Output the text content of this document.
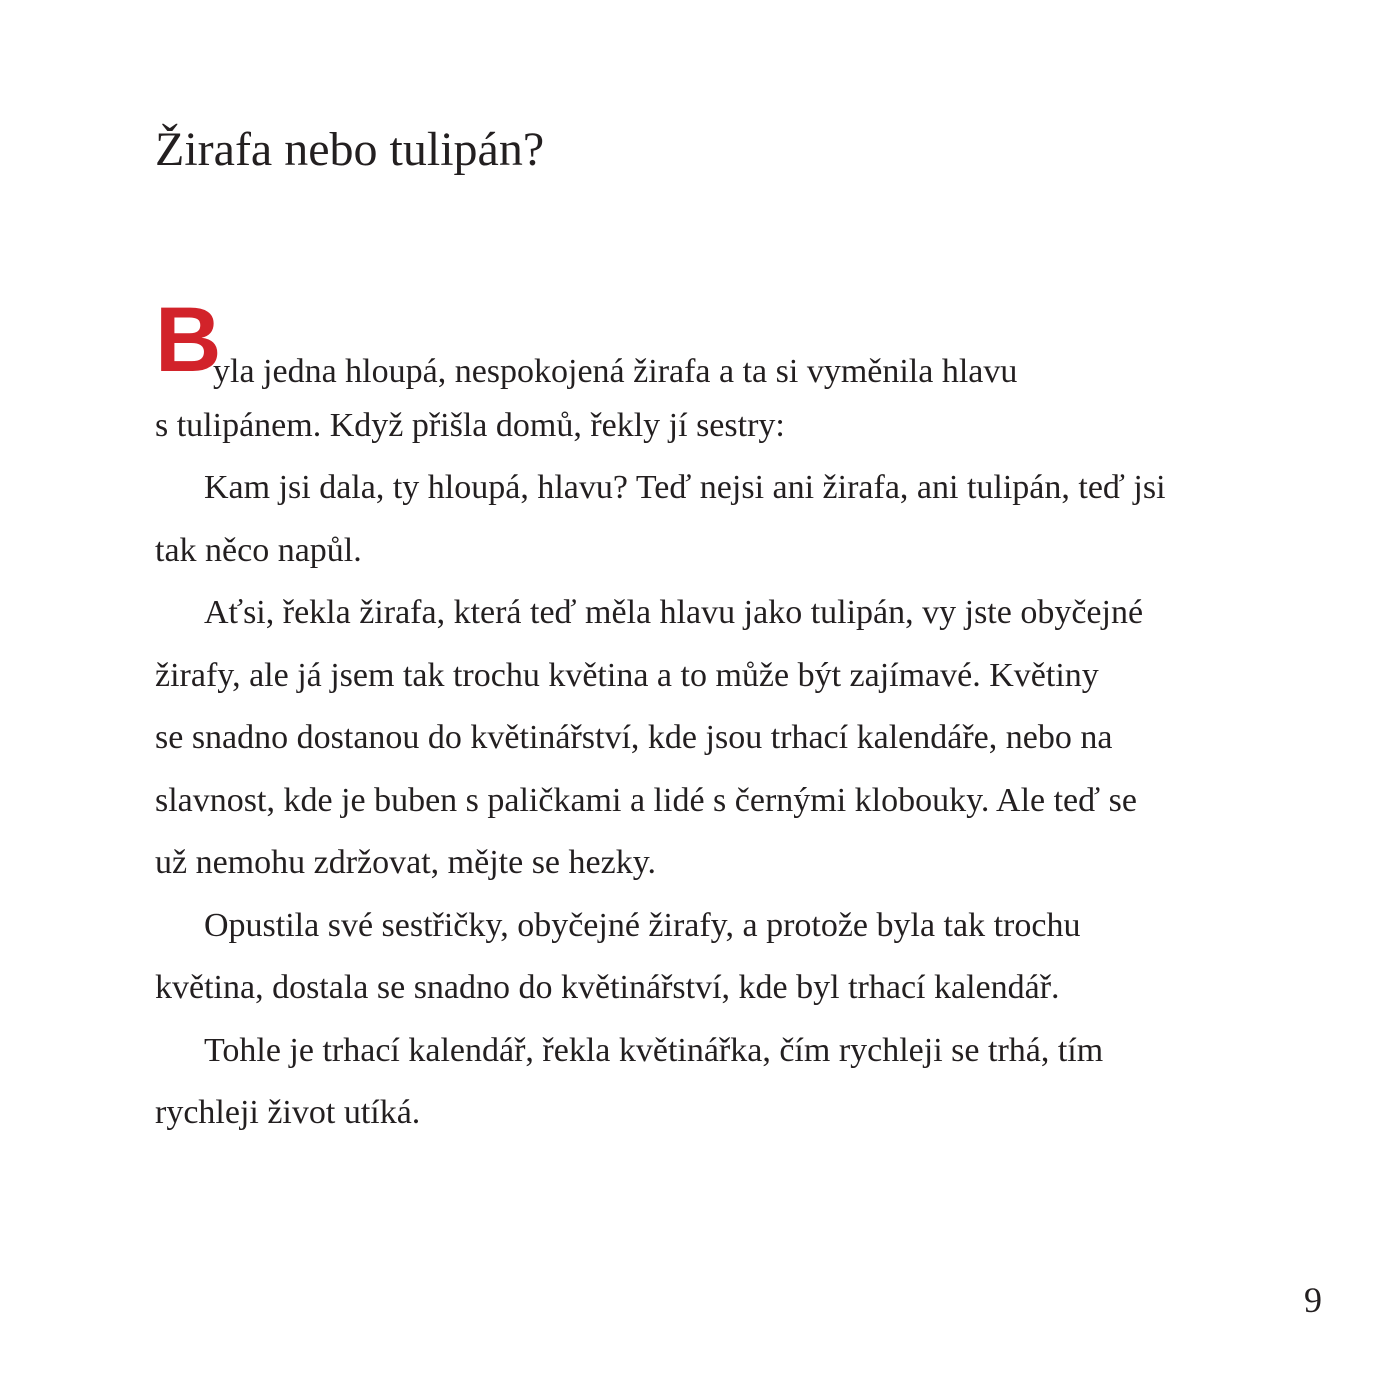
Žirafa nebo tulipán?
B
yla jedna hloupá, nespokojená žirafa a ta si vyměnila hlavu
s tulipánem. Když přišla domů, řekly jí sestry:
Kam jsi dala, ty hloupá, hlavu? Teď nejsi ani žirafa, ani tulipán, teď jsi
tak něco napůl.
Aťsi, řekla žirafa, která teď měla hlavu jako tulipán, vy jste obyčejné
žirafy, ale já jsem tak trochu květina a to může být zajímavé. Květiny
se snadno dostanou do květinářství, kde jsou trhací kalendáře, nebo na
slavnost, kde je buben s paličkami a lidé s černými klobouky. Ale teď se
už nemohu zdržovat, mějte se hezky.
Opustila své sestřičky, obyčejné žirafy, a protože byla tak trochu
květina, dostala se snadno do květinářství, kde byl trhací kalendář.
Tohle je trhací kalendář, řekla květinářka, čím rychleji se trhá, tím
rychleji život utíká.
9
